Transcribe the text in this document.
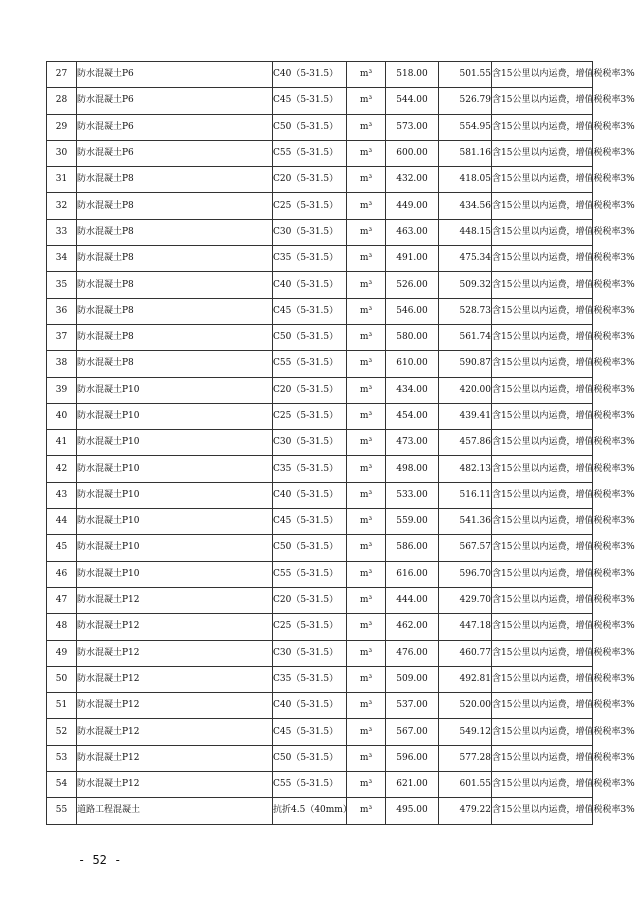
27	防水混凝土P6	C40（5-31.5）	m³	518.00	501.55	含15公里以内运费，增值税税率3%
28	防水混凝土P6	C45（5-31.5）	m³	544.00	526.79	含15公里以内运费，增值税税率3%
29	防水混凝土P6	C50（5-31.5）	m³	573.00	554.95	含15公里以内运费，增值税税率3%
30	防水混凝土P6	C55（5-31.5）	m³	600.00	581.16	含15公里以内运费，增值税税率3%
31	防水混凝土P8	C20（5-31.5）	m³	432.00	418.05	含15公里以内运费，增值税税率3%
32	防水混凝土P8	C25（5-31.5）	m³	449.00	434.56	含15公里以内运费，增值税税率3%
33	防水混凝土P8	C30（5-31.5）	m³	463.00	448.15	含15公里以内运费，增值税税率3%
34	防水混凝土P8	C35（5-31.5）	m³	491.00	475.34	含15公里以内运费，增值税税率3%
35	防水混凝土P8	C40（5-31.5）	m³	526.00	509.32	含15公里以内运费，增值税税率3%
36	防水混凝土P8	C45（5-31.5）	m³	546.00	528.73	含15公里以内运费，增值税税率3%
37	防水混凝土P8	C50（5-31.5）	m³	580.00	561.74	含15公里以内运费，增值税税率3%
38	防水混凝土P8	C55（5-31.5）	m³	610.00	590.87	含15公里以内运费，增值税税率3%
39	防水混凝土P10	C20（5-31.5）	m³	434.00	420.00	含15公里以内运费，增值税税率3%
40	防水混凝土P10	C25（5-31.5）	m³	454.00	439.41	含15公里以内运费，增值税税率3%
41	防水混凝土P10	C30（5-31.5）	m³	473.00	457.86	含15公里以内运费，增值税税率3%
42	防水混凝土P10	C35（5-31.5）	m³	498.00	482.13	含15公里以内运费，增值税税率3%
43	防水混凝土P10	C40（5-31.5）	m³	533.00	516.11	含15公里以内运费，增值税税率3%
44	防水混凝土P10	C45（5-31.5）	m³	559.00	541.36	含15公里以内运费，增值税税率3%
45	防水混凝土P10	C50（5-31.5）	m³	586.00	567.57	含15公里以内运费，增值税税率3%
46	防水混凝土P10	C55（5-31.5）	m³	616.00	596.70	含15公里以内运费，增值税税率3%
47	防水混凝土P12	C20（5-31.5）	m³	444.00	429.70	含15公里以内运费，增值税税率3%
48	防水混凝土P12	C25（5-31.5）	m³	462.00	447.18	含15公里以内运费，增值税税率3%
49	防水混凝土P12	C30（5-31.5）	m³	476.00	460.77	含15公里以内运费，增值税税率3%
50	防水混凝土P12	C35（5-31.5）	m³	509.00	492.81	含15公里以内运费，增值税税率3%
51	防水混凝土P12	C40（5-31.5）	m³	537.00	520.00	含15公里以内运费，增值税税率3%
52	防水混凝土P12	C45（5-31.5）	m³	567.00	549.12	含15公里以内运费，增值税税率3%
53	防水混凝土P12	C50（5-31.5）	m³	596.00	577.28	含15公里以内运费，增值税税率3%
54	防水混凝土P12	C55（5-31.5）	m³	621.00	601.55	含15公里以内运费，增值税税率3%
55	道路工程混凝土	抗折4.5（40mm）	m³	495.00	479.22	含15公里以内运费，增值税税率3%
- 52 -
